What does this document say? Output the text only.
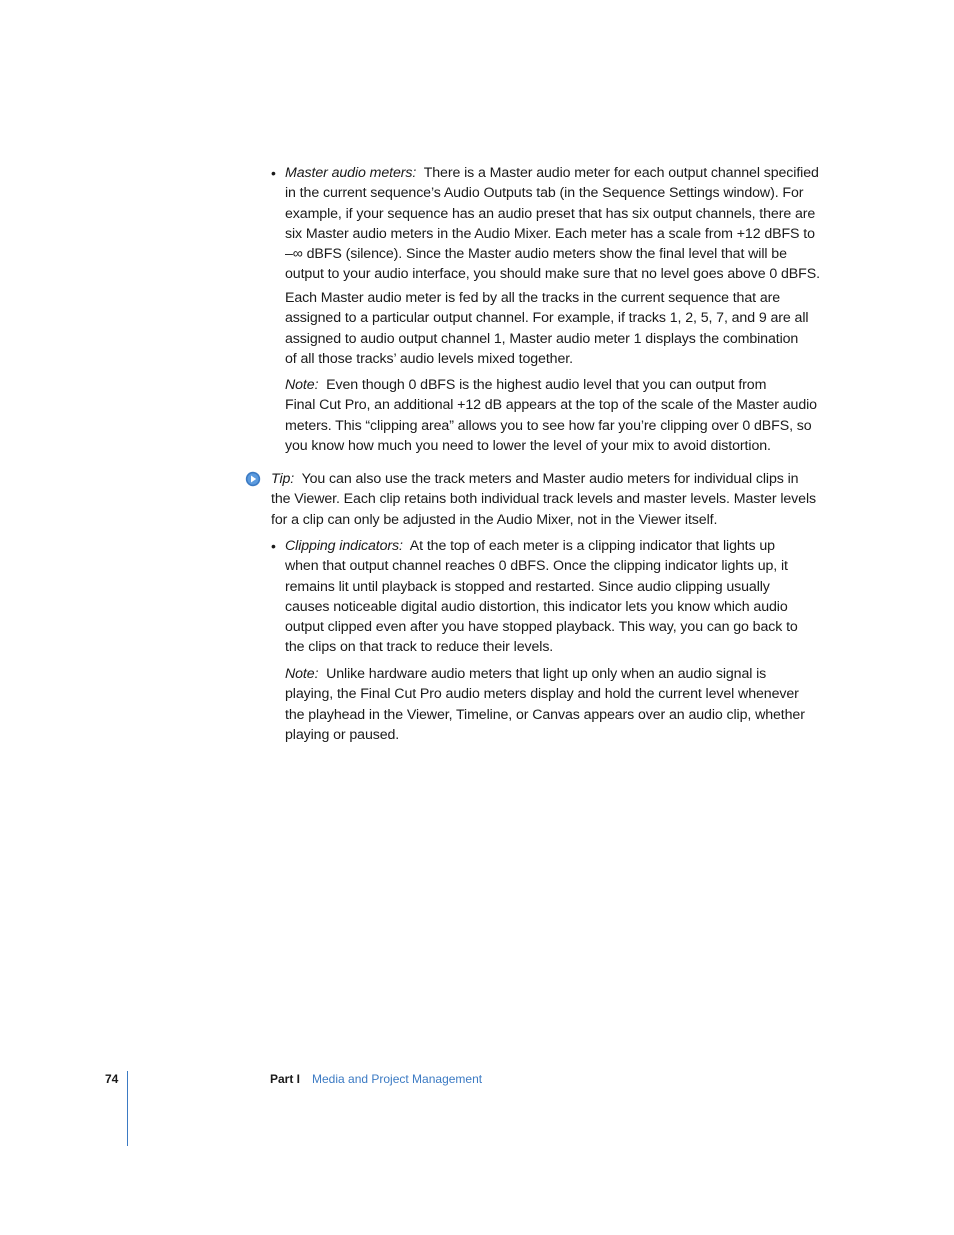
• Master audio meters: There is a Master audio meter for each output channel specified
in the current sequence’s Audio Outputs tab (in the Sequence Settings window). For
example, if your sequence has an audio preset that has six output channels, there are
six Master audio meters in the Audio Mixer. Each meter has a scale from +12 dBFS to
–∞ dBFS (silence). Since the Master audio meters show the final level that will be
output to your audio interface, you should make sure that no level goes above 0 dBFS.

Each Master audio meter is fed by all the tracks in the current sequence that are
assigned to a particular output channel. For example, if tracks 1, 2, 5, 7, and 9 are all
assigned to audio output channel 1, Master audio meter 1 displays the combination
of all those tracks’ audio levels mixed together.

Note: Even though 0 dBFS is the highest audio level that you can output from
Final Cut Pro, an additional +12 dB appears at the top of the scale of the Master audio
meters. This “clipping area” allows you to see how far you’re clipping over 0 dBFS, so
you know how much you need to lower the level of your mix to avoid distortion.

Tip: You can also use the track meters and Master audio meters for individual clips in
the Viewer. Each clip retains both individual track levels and master levels. Master levels
for a clip can only be adjusted in the Audio Mixer, not in the Viewer itself.

• Clipping indicators: At the top of each meter is a clipping indicator that lights up
when that output channel reaches 0 dBFS. Once the clipping indicator lights up, it
remains lit until playback is stopped and restarted. Since audio clipping usually
causes noticeable digital audio distortion, this indicator lets you know which audio
output clipped even after you have stopped playback. This way, you can go back to
the clips on that track to reduce their levels.

Note: Unlike hardware audio meters that light up only when an audio signal is
playing, the Final Cut Pro audio meters display and hold the current level whenever
the playhead in the Viewer, Timeline, or Canvas appears over an audio clip, whether
playing or paused.

74	Part I Media and Project Management
